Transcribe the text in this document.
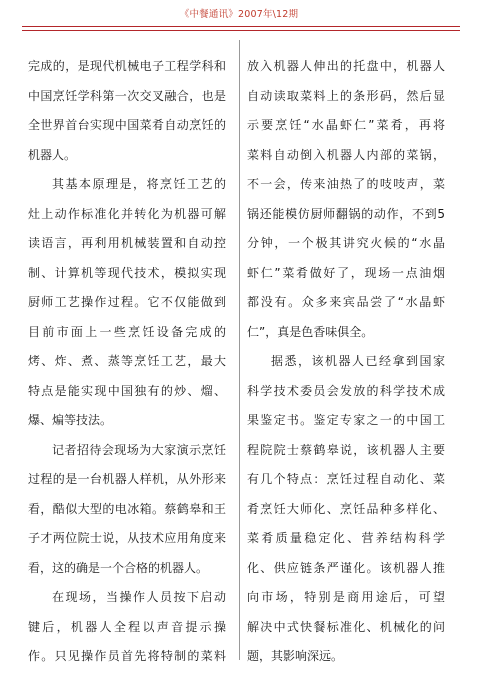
《中餐通讯》2007年\12期
完成的，是现代机械电子工程学科和
中国烹饪学科第一次交叉融合，也是
全世界首台实现中国菜肴自动烹饪的
机器人。
其基本原理是，将烹饪工艺的
灶上动作标准化并转化为机器可解
读语言，再利用机械装置和自动控
制、计算机等现代技术，模拟实现
厨师工艺操作过程。它不仅能做到
目前市面上一些烹饪设备完成的
烤、炸、煮、蒸等烹饪工艺，最大
特点是能实现中国独有的炒、熘、
爆、煸等技法。
记者招待会现场为大家演示烹饪
过程的是一台机器人样机，从外形来
看，酷似大型的电冰箱。蔡鹤皋和王
子才两位院士说，从技术应用角度来
看，这的确是一个合格的机器人。
在现场，当操作人员按下启动
键后，机器人全程以声音提示操
作。只见操作员首先将特制的菜料
放入机器人伸出的托盘中，机器人
自动读取菜料上的条形码，然后显
示要烹饪“水晶虾仁”菜肴，再将
菜料自动倒入机器人内部的菜锅，
不一会，传来油热了的吱吱声，菜
锅还能模仿厨师翻锅的动作，不到5
分钟，一个极其讲究火候的“水晶
虾仁”菜肴做好了，现场一点油烟
都没有。众多来宾品尝了“水晶虾
仁”，真是色香味俱全。
据悉，该机器人已经拿到国家
科学技术委员会发放的科学技术成
果鉴定书。鉴定专家之一的中国工
程院院士蔡鹤皋说，该机器人主要
有几个特点：烹饪过程自动化、菜
肴烹饪大师化、烹饪品种多样化、
菜肴质量稳定化、营养结构科学
化、供应链条严谨化。该机器人推
向市场，特别是商用途后，可望
解决中式快餐标准化、机械化的问
题，其影响深远。
